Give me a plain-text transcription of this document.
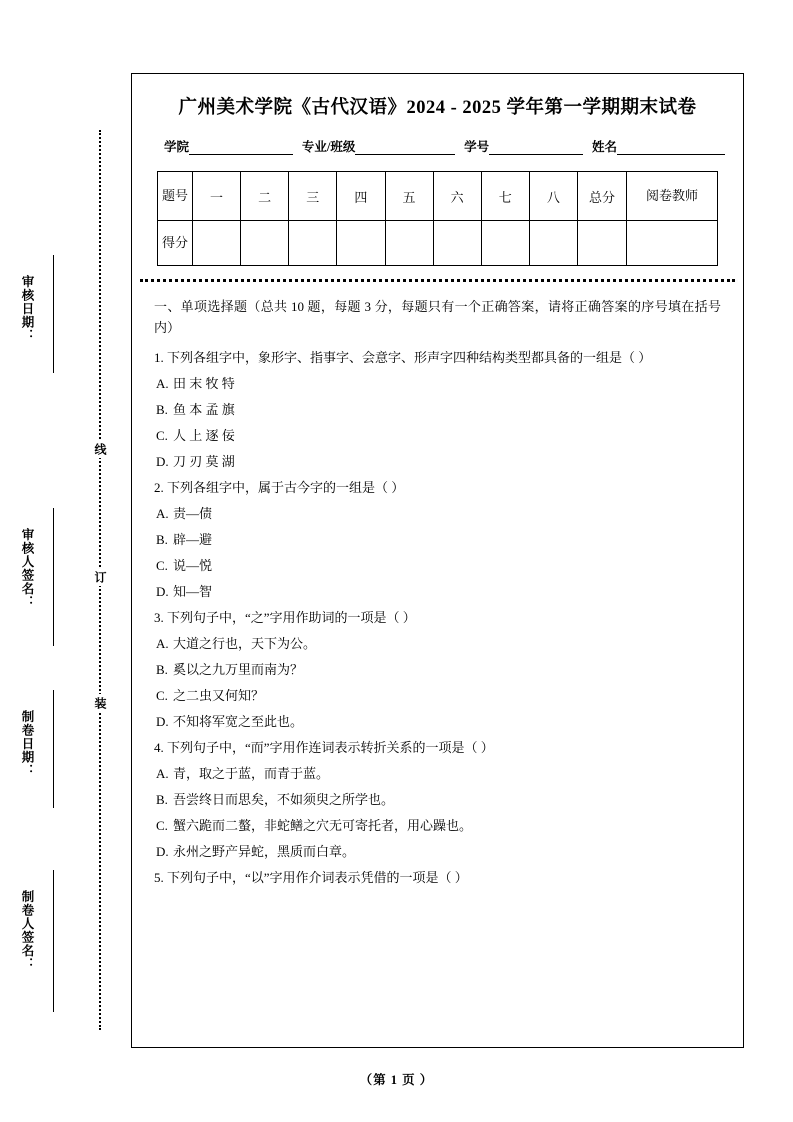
审核日期：
审核人签名：
制卷日期：
制卷人签名：
线
订
装
广州美术学院《古代汉语》2024 - 2025 学年第一学期期末试卷
学院	专业/班级	学号	姓名
题号	一	二	三	四	五	六	七	八	总分	阅卷教师
得分										
一、单项选择题（总共 10 题，每题 3 分，每题只有一个正确答案，请将正确答案的序号填在括号内）
1. 下列各组字中，象形字、指事字、会意字、形声字四种结构类型都具备的一组是（ ）
A. 田 末 牧 特
B. 鱼 本 孟 旗
C. 人 上 逐 佞
D. 刀 刃 莫 湖
2. 下列各组字中，属于古今字的一组是（ ）
A. 责—债
B. 辟—避
C. 说—悦
D. 知—智
3. 下列句子中，“之”字用作助词的一项是（ ）
A. 大道之行也，天下为公。
B. 奚以之九万里而南为？
C. 之二虫又何知？
D. 不知将军宽之至此也。
4. 下列句子中，“而”字用作连词表示转折关系的一项是（ ）
A. 青，取之于蓝，而青于蓝。
B. 吾尝终日而思矣，不如须臾之所学也。
C. 蟹六跪而二螯，非蛇鳝之穴无可寄托者，用心躁也。
D. 永州之野产异蛇，黑质而白章。
5. 下列句子中，“以”字用作介词表示凭借的一项是（ ）
（第 1 页 ）
